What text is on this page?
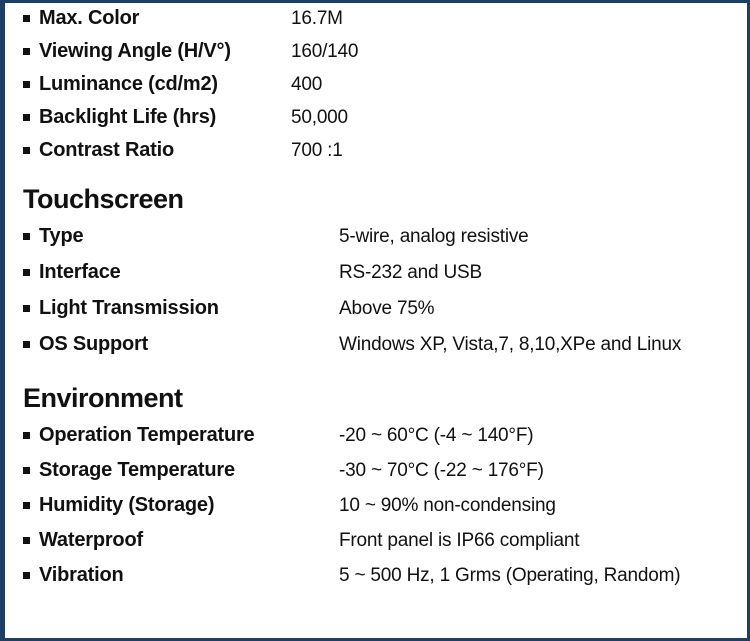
Max. Color	16.7M
Viewing Angle (H/V°)	160/140
Luminance (cd/m2)	400
Backlight Life (hrs)	50,000
Contrast Ratio	700 :1
Touchscreen
Type	5-wire, analog resistive
Interface	RS-232 and USB
Light Transmission	Above 75%
OS Support	Windows XP, Vista,7, 8,10,XPe and Linux
Environment
Operation Temperature	-20 ~ 60°C (-4 ~ 140°F)
Storage Temperature	-30 ~ 70°C (-22 ~ 176°F)
Humidity (Storage)	10 ~ 90% non-condensing
Waterproof	Front panel is IP66 compliant
Vibration	5 ~ 500 Hz, 1 Grms (Operating, Random)
